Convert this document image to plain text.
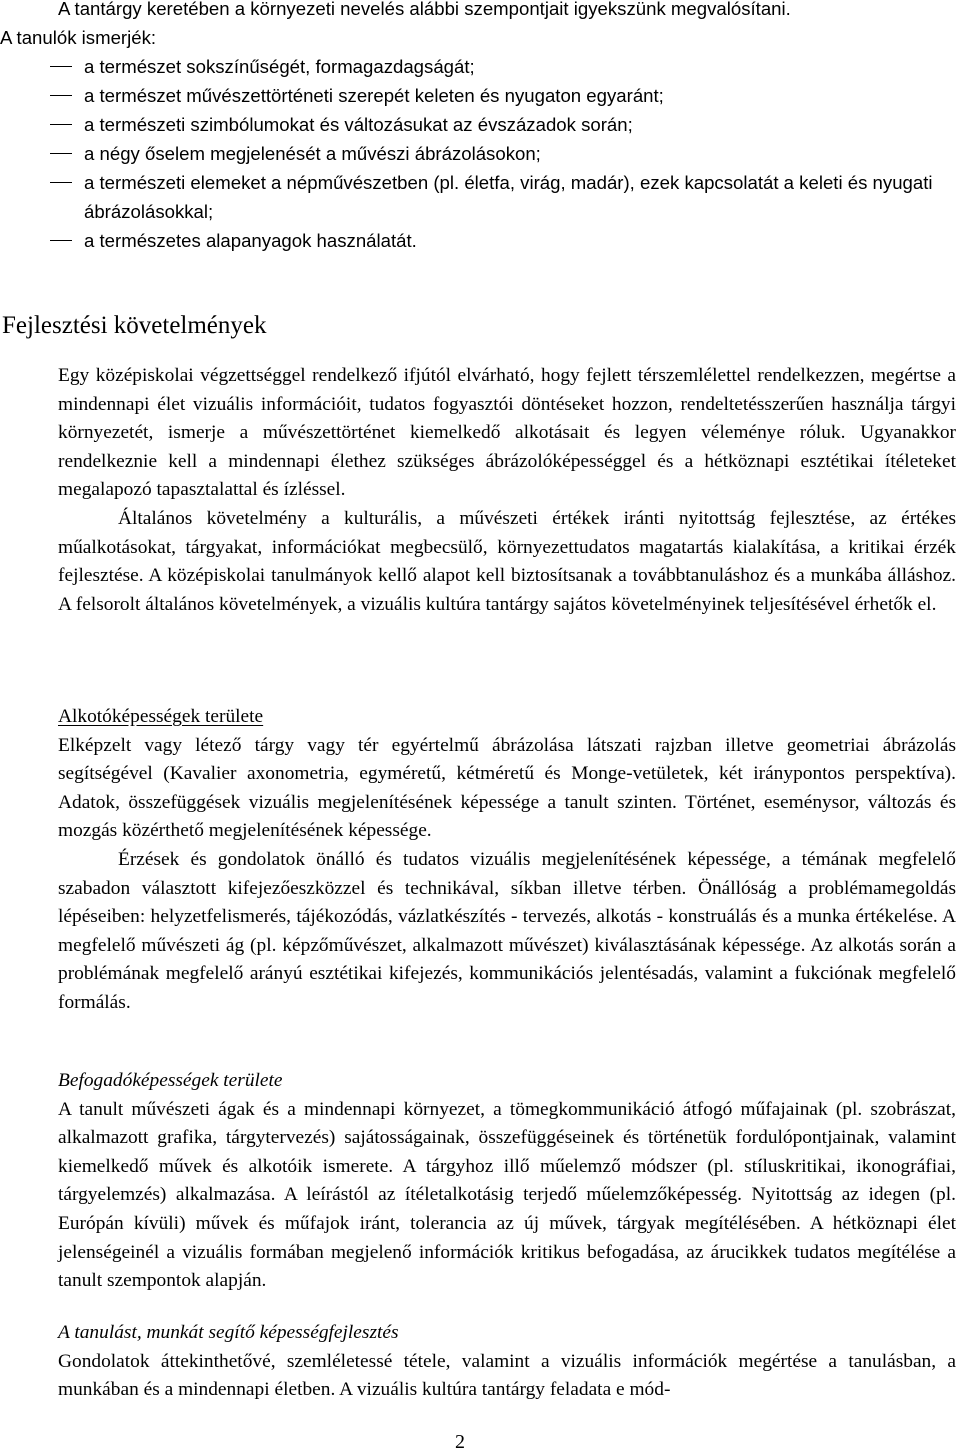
A tantárgy keretében a környezeti nevelés alábbi szempontjait igyekszünk megvalósítani.

A tanulók ismerjék:

a természet sokszínűségét, formagazdagságát;
a természet művészettörténeti szerepét keleten és nyugaton egyaránt;
a természeti szimbólumokat és változásukat az évszázadok során;
a négy őselem megjelenését a művészi ábrázolásokon;
a természeti elemeket a népművészetben (pl. életfa, virág, madár), ezek kapcsolatát a keleti és nyugati ábrázolásokkal;
a természetes alapanyagok használatát.
Fejlesztési követelmények

Egy középiskolai végzettséggel rendelkező ifjútól elvárható, hogy fejlett térszemlélettel rendelkezzen, megértse a mindennapi élet vizuális információit, tudatos fogyasztói döntéseket hozzon, rendeltetésszerűen használja tárgyi környezetét, ismerje a művészettörténet kiemelkedő alkotásait és legyen véleménye róluk. Ugyanakkor rendelkeznie kell a mindennapi élethez szükséges ábrázolóképességgel és a hétköznapi esztétikai ítéleteket megalapozó tapasztalattal és ízléssel.

Általános követelmény a kulturális, a művészeti értékek iránti nyitottság fejlesztése, az értékes műalkotásokat, tárgyakat, információkat megbecsülő, környezettudatos magatartás kialakítása, a kritikai érzék fejlesztése. A középiskolai tanulmányok kellő alapot kell biztosítsanak a továbbtanuláshoz és a munkába álláshoz. A felsorolt általános követelmények, a vizuális kultúra tantárgy sajátos követelményinek teljesítésével érhetők el.

Alkotóképességek területe

Elképzelt vagy létező tárgy vagy tér egyértelmű ábrázolása látszati rajzban illetve geometriai ábrázolás segítségével (Kavalier axonometria, egyméretű, kétméretű és Monge-vetületek, két iránypontos perspektíva). Adatok, összefüggések vizuális megjelenítésének képessége a tanult szinten. Történet, eseménysor, változás és mozgás közérthető megjelenítésének képessége.

Érzések és gondolatok önálló és tudatos vizuális megjelenítésének képessége, a témának megfelelő szabadon választott kifejezőeszközzel és technikával, síkban illetve térben. Önállóság a problémamegoldás lépéseiben: helyzetfelismerés, tájékozódás, vázlatkészítés - tervezés, alkotás - konstruálás és a munka értékelése. A megfelelő művészeti ág (pl. képzőművészet, alkalmazott művészet) kiválasztásának képessége. Az alkotás során a problémának megfelelő arányú esztétikai kifejezés, kommunikációs jelentésadás, valamint a fukciónak megfelelő formálás.

Befogadóképességek területe

A tanult művészeti ágak és a mindennapi környezet, a tömegkommunikáció átfogó műfajainak (pl. szobrászat, alkalmazott grafika, tárgytervezés) sajátosságainak, összefüggéseinek és történetük fordulópontjainak, valamint kiemelkedő művek és alkotóik ismerete. A tárgyhoz illő műelemző módszer (pl. stíluskritikai, ikonográfiai, tárgyelemzés) alkalmazása. A leírástól az ítéletalkotásig terjedő műelemzőképesség. Nyitottság az idegen (pl. Európán kívüli) művek és műfajok iránt, tolerancia az új művek, tárgyak megítélésében. A hétköznapi élet jelenségeinél a vizuális formában megjelenő információk kritikus befogadása, az árucikkek tudatos megítélése a tanult szempontok alapján.

A tanulást, munkát segítő képességfejlesztés

Gondolatok áttekinthetővé, szemléletessé tétele, valamint a vizuális információk megértése a tanulásban, a munkában és a mindennapi életben. A vizuális kultúra tantárgy feladata e mód-

2
